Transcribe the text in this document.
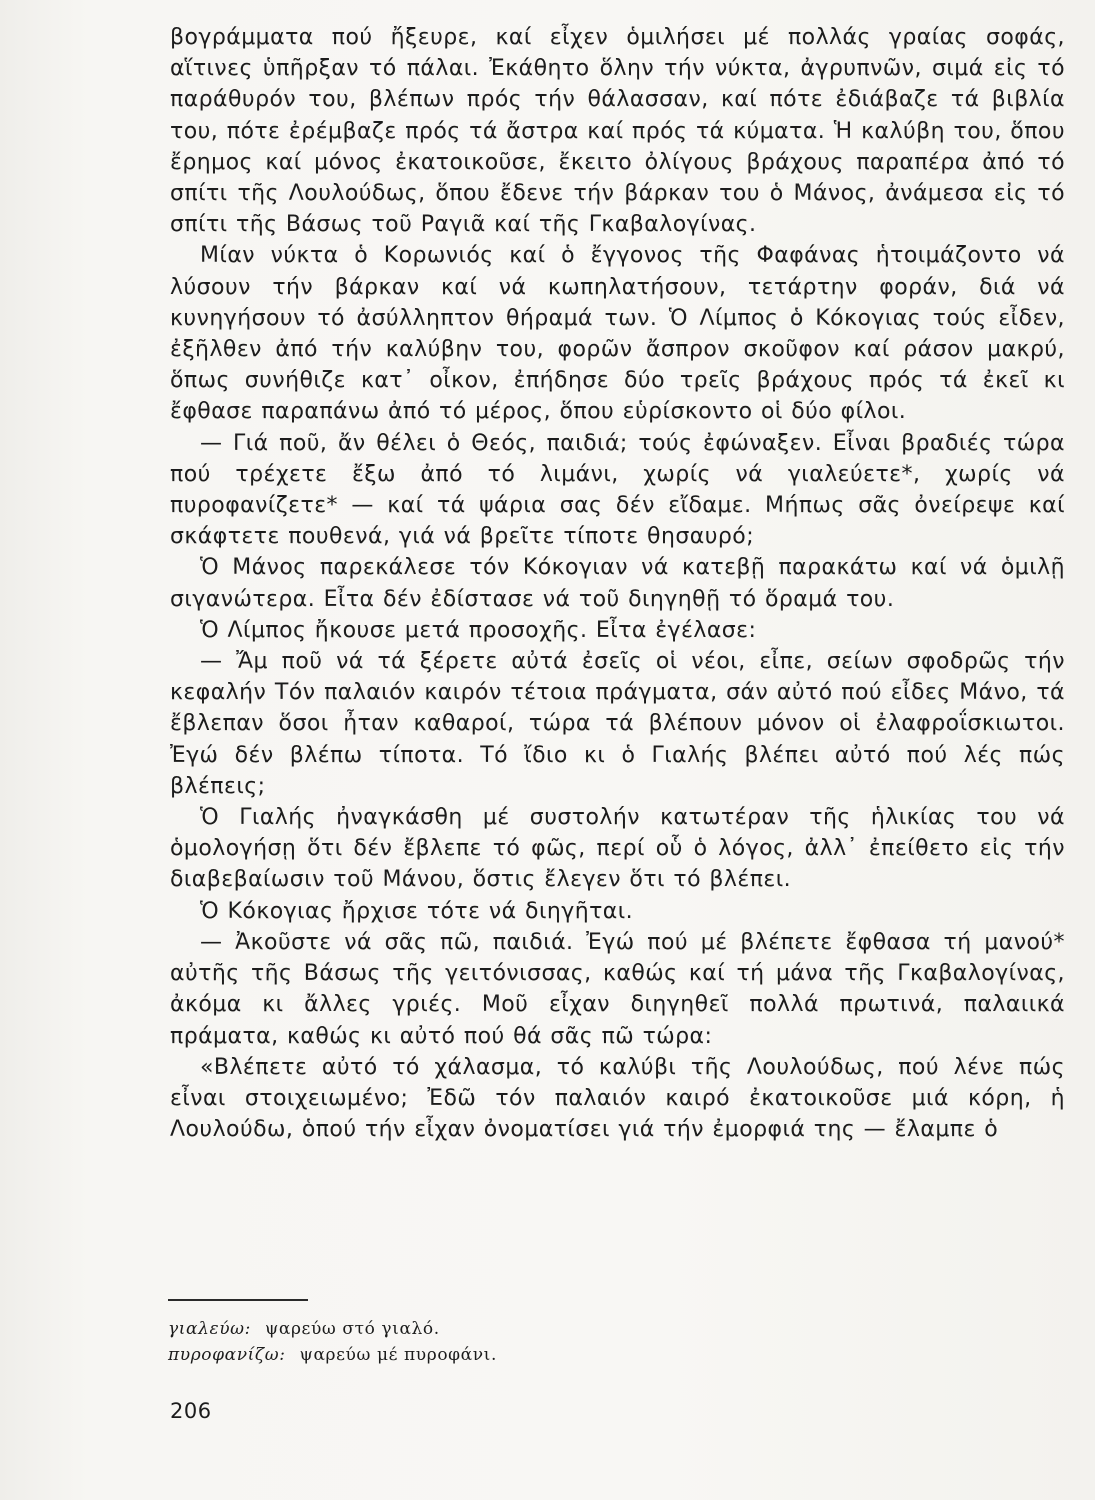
βογράμματα πού ἤξευρε, καί εἶχεν ὁμιλήσει μέ πολλάς γραίας σοφάς, αἵτινες ὑπῆρξαν τό πάλαι. Ἐκάθητο ὅλην τήν νύκτα, ἀγρυπνῶν, σιμά εἰς τό παράθυρόν του, βλέπων πρός τήν θάλασσαν, καί πότε ἐδιάβαζε τά βιβλία του, πότε ἐρέμβαζε πρός τά ἄστρα καί πρός τά κύματα. Ἡ καλύβη του, ὅπου ἔρημος καί μόνος ἐκατοικοῦσε, ἔκειτο ὀλίγους βράχους παραπέρα ἀπό τό σπίτι τῆς Λουλούδως, ὅπου ἔδενε τήν βάρκαν του ὁ Μάνος, ἀνάμεσα εἰς τό σπίτι τῆς Βάσως τοῦ Ραγιᾶ καί τῆς Γκαβαλογίνας.

Μίαν νύκτα ὁ Κορωνιός καί ὁ ἔγγονος τῆς Φαφάνας ἡτοιμάζοντο νά λύσουν τήν βάρκαν καί νά κωπηλατήσουν, τετάρτην φοράν, διά νά κυνηγήσουν τό ἀσύλληπτον θήραμά των. Ὁ Λίμπος ὁ Κόκογιας τούς εἶδεν, ἐξῆλθεν ἀπό τήν καλύβην του, φορῶν ἄσπρον σκοῦφον καί ράσον μακρύ, ὅπως συνήθιζε κατ᾽ οἶκον, ἐπήδησε δύο τρεῖς βράχους πρός τά ἐκεῖ κι ἔφθασε παραπάνω ἀπό τό μέρος, ὅπου εὑρίσκοντο οἱ δύο φίλοι.

— Γιά ποῦ, ἄν θέλει ὁ Θεός, παιδιά; τούς ἐφώναξεν. Εἶναι βραδιές τώρα πού τρέχετε ἔξω ἀπό τό λιμάνι, χωρίς νά γιαλεύετε*, χωρίς νά πυροφανίζετε* — καί τά ψάρια σας δέν εἴδαμε. Μήπως σᾶς ὀνείρεψε καί σκάφτετε πουθενά, γιά νά βρεῖτε τίποτε θησαυρό;

Ὁ Μάνος παρεκάλεσε τόν Κόκογιαν νά κατεβῇ παρακάτω καί νά ὁμιλῇ σιγανώτερα. Εἶτα δέν ἐδίστασε νά τοῦ διηγηθῇ τό ὅραμά του.

Ὁ Λίμπος ἤκουσε μετά προσοχῆς. Εἶτα ἐγέλασε:

— Ἄμ ποῦ νά τά ξέρετε αὐτά ἐσεῖς οἱ νέοι, εἶπε, σείων σφοδρῶς τήν κεφαλήν Τόν παλαιόν καιρόν τέτοια πράγματα, σάν αὐτό πού εἶδες Μάνο, τά ἔβλεπαν ὅσοι ἦταν καθαροί, τώρα τά βλέπουν μόνον οἱ ἐλαφροΐσκιωτοι. Ἐγώ δέν βλέπω τίποτα. Τό ἴδιο κι ὁ Γιαλής βλέπει αὐτό πού λές πώς βλέπεις;

Ὁ Γιαλής ἠναγκάσθη μέ συστολήν κατωτέραν τῆς ἡλικίας του νά ὁμολογήσῃ ὅτι δέν ἔβλεπε τό φῶς, περί οὗ ὁ λόγος, ἀλλ᾽ ἐπείθετο εἰς τήν διαβεβαίωσιν τοῦ Μάνου, ὅστις ἔλεγεν ὅτι τό βλέπει.

Ὁ Κόκογιας ἤρχισε τότε νά διηγῆται.

— Ἀκοῦστε νά σᾶς πῶ, παιδιά. Ἐγώ πού μέ βλέπετε ἔφθασα τή μανού* αὐτῆς τῆς Βάσως τῆς γειτόνισσας, καθώς καί τή μάνα τῆς Γκαβαλογίνας, ἀκόμα κι ἄλλες γριές. Μοῦ εἶχαν διηγηθεῖ πολλά πρωτινά, παλαιικά πράματα, καθώς κι αὐτό πού θά σᾶς πῶ τώρα:

«Βλέπετε αὐτό τό χάλασμα, τό καλύβι τῆς Λουλούδως, πού λένε πώς εἶναι στοιχειωμένο; Ἐδῶ τόν παλαιόν καιρό ἐκατοικοῦσε μιά κόρη, ἡ Λουλούδω, ὁπού τήν εἶχαν ὀνοματίσει γιά τήν ἐμορφιά της — ἔλαμπε ὁ

γιαλεύω: ψαρεύω στό γιαλό.
πυροφανίζω: ψαρεύω μέ πυροφάνι.
206
